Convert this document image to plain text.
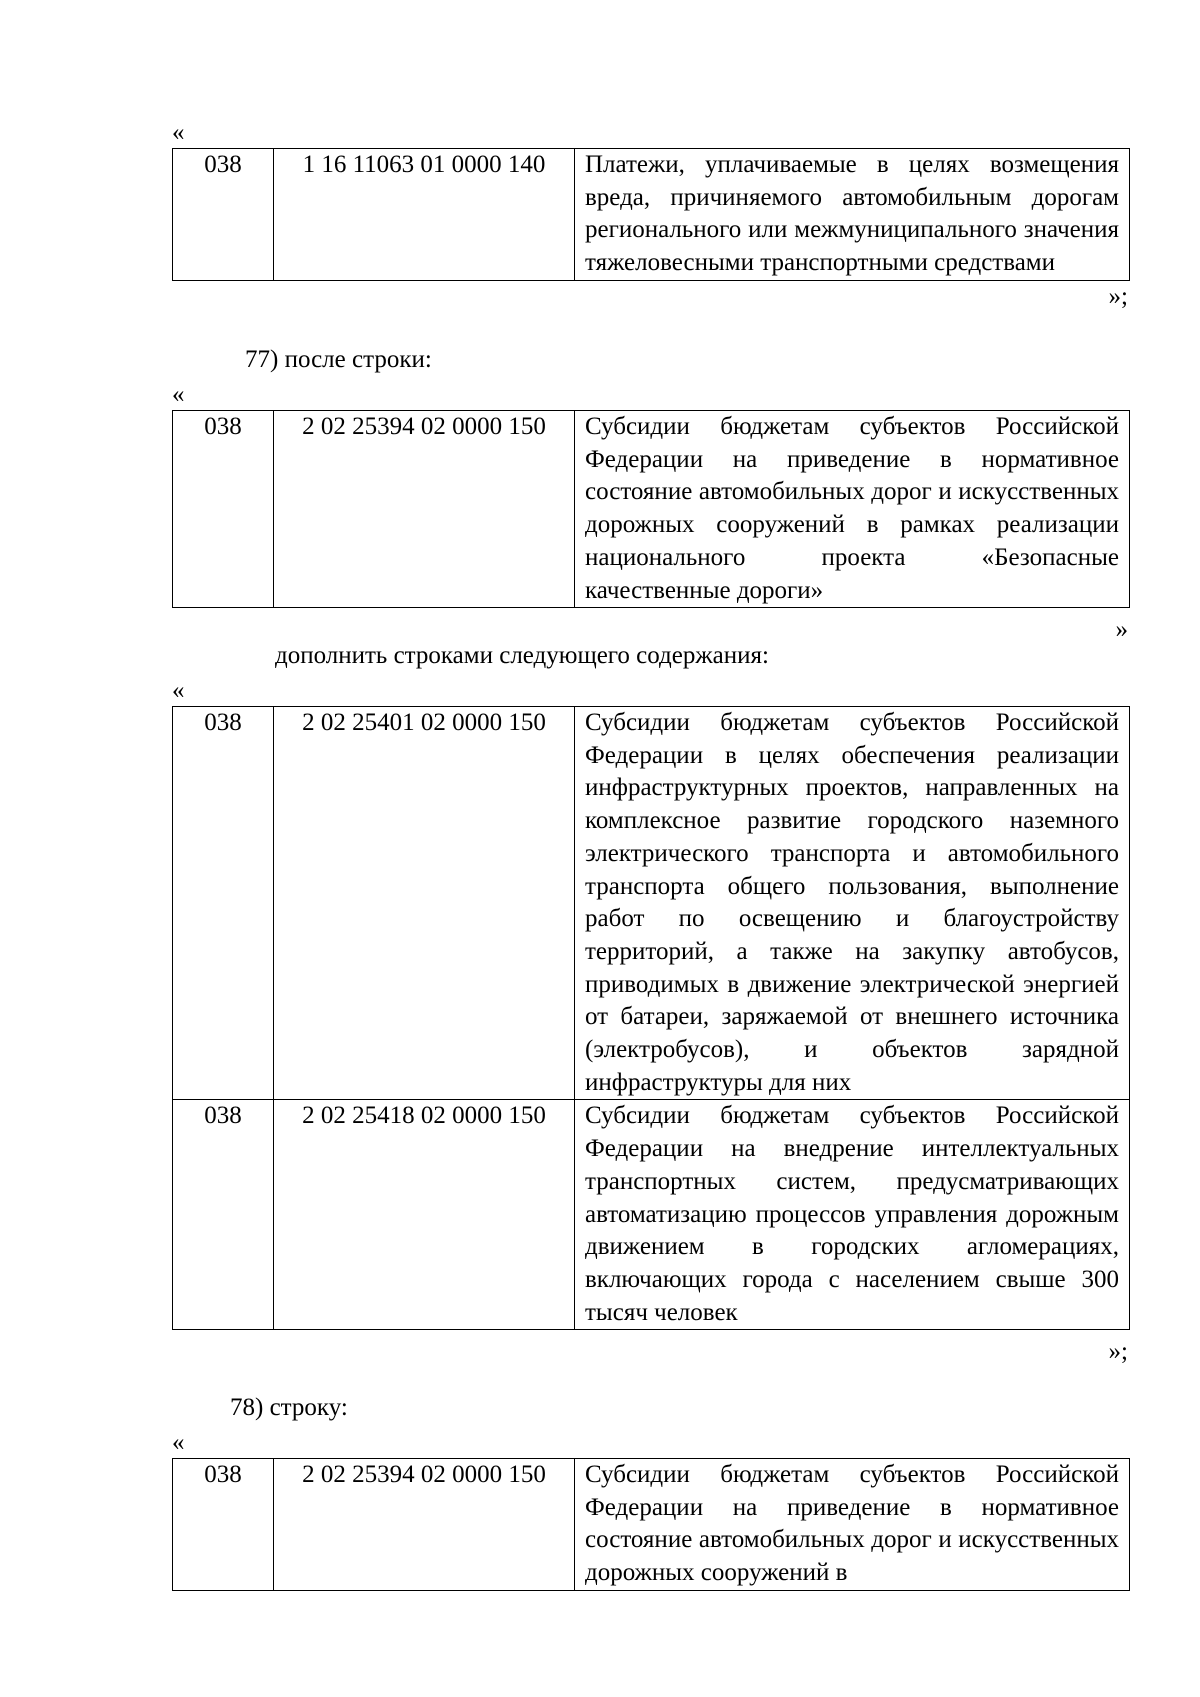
«
038	1 16 11063 01 0000 140	Платежи, уплачиваемые в целях возмещения вреда, причиняемого автомобильным дорогам регионального или межмуниципального значения тяжеловесными транспортными средствами
»;
77) после строки:
«
038	2 02 25394 02 0000 150	Субсидии бюджетам субъектов Российской Федерации на приведение в нормативное состояние автомобильных дорог и искусственных дорожных сооружений в рамках реализации национального проекта «Безопасные качественные дороги»
»
дополнить строками следующего содержания:
«
038	2 02 25401 02 0000 150	Субсидии бюджетам субъектов Российской Федерации в целях обеспечения реализации инфраструктурных проектов, направленных на комплексное развитие городского наземного электрического транспорта и автомобильного транспорта общего пользования, выполнение работ по освещению и благоустройству территорий, а также на закупку автобусов, приводимых в движение электрической энергией от батареи, заряжаемой от внешнего источника (электробусов), и объектов зарядной инфраструктуры для них
038	2 02 25418 02 0000 150	Субсидии бюджетам субъектов Российской Федерации на внедрение интеллектуальных транспортных систем, предусматривающих автоматизацию процессов управления дорожным движением в городских агломерациях, включающих города с населением свыше 300 тысяч человек
»;
78) строку:
«
038	2 02 25394 02 0000 150	Субсидии бюджетам субъектов Российской Федерации на приведение в нормативное состояние автомобильных дорог и искусственных дорожных сооружений в
